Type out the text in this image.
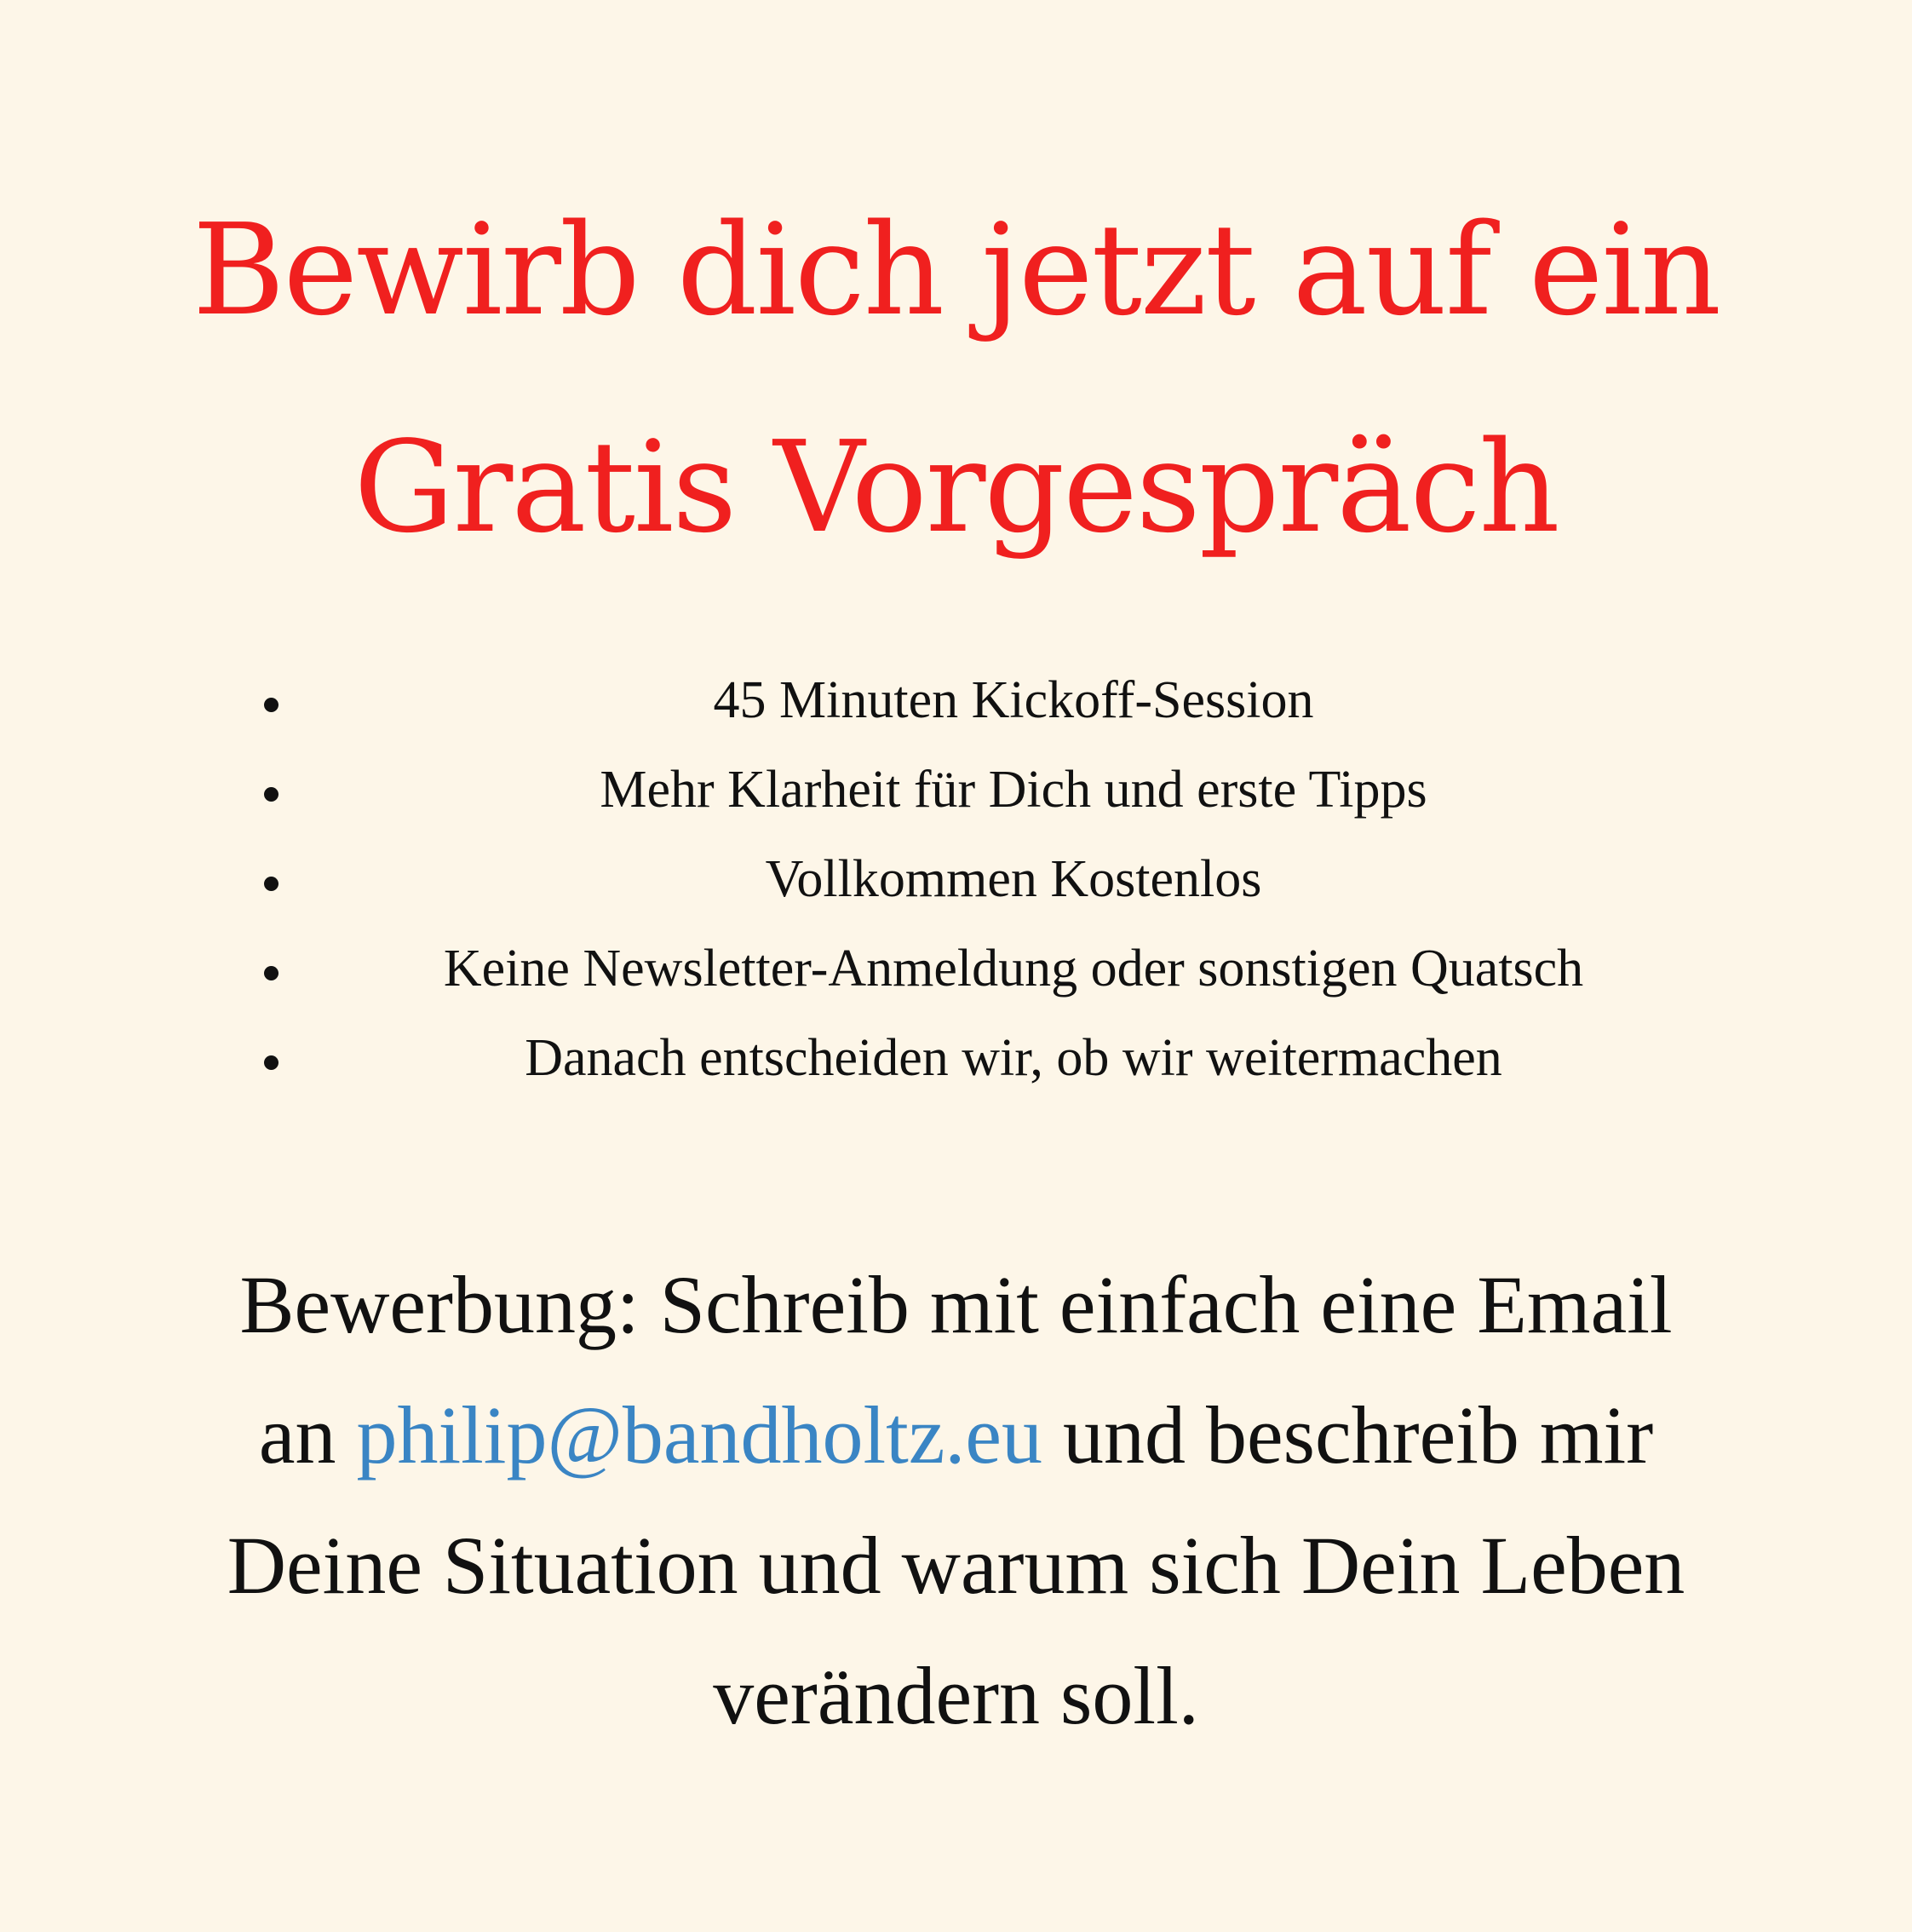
Bewirb dich jetzt auf ein
Gratis Vorgespräch
45 Minuten Kickoff-Session
Mehr Klarheit für Dich und erste Tipps
Vollkommen Kostenlos
Keine Newsletter-Anmeldung oder sonstigen Quatsch
Danach entscheiden wir, ob wir weitermachen

Bewerbung: Schreib mit einfach eine Email
an philip@bandholtz.eu und beschreib mir
Deine Situation und warum sich Dein Leben
verändern soll.
